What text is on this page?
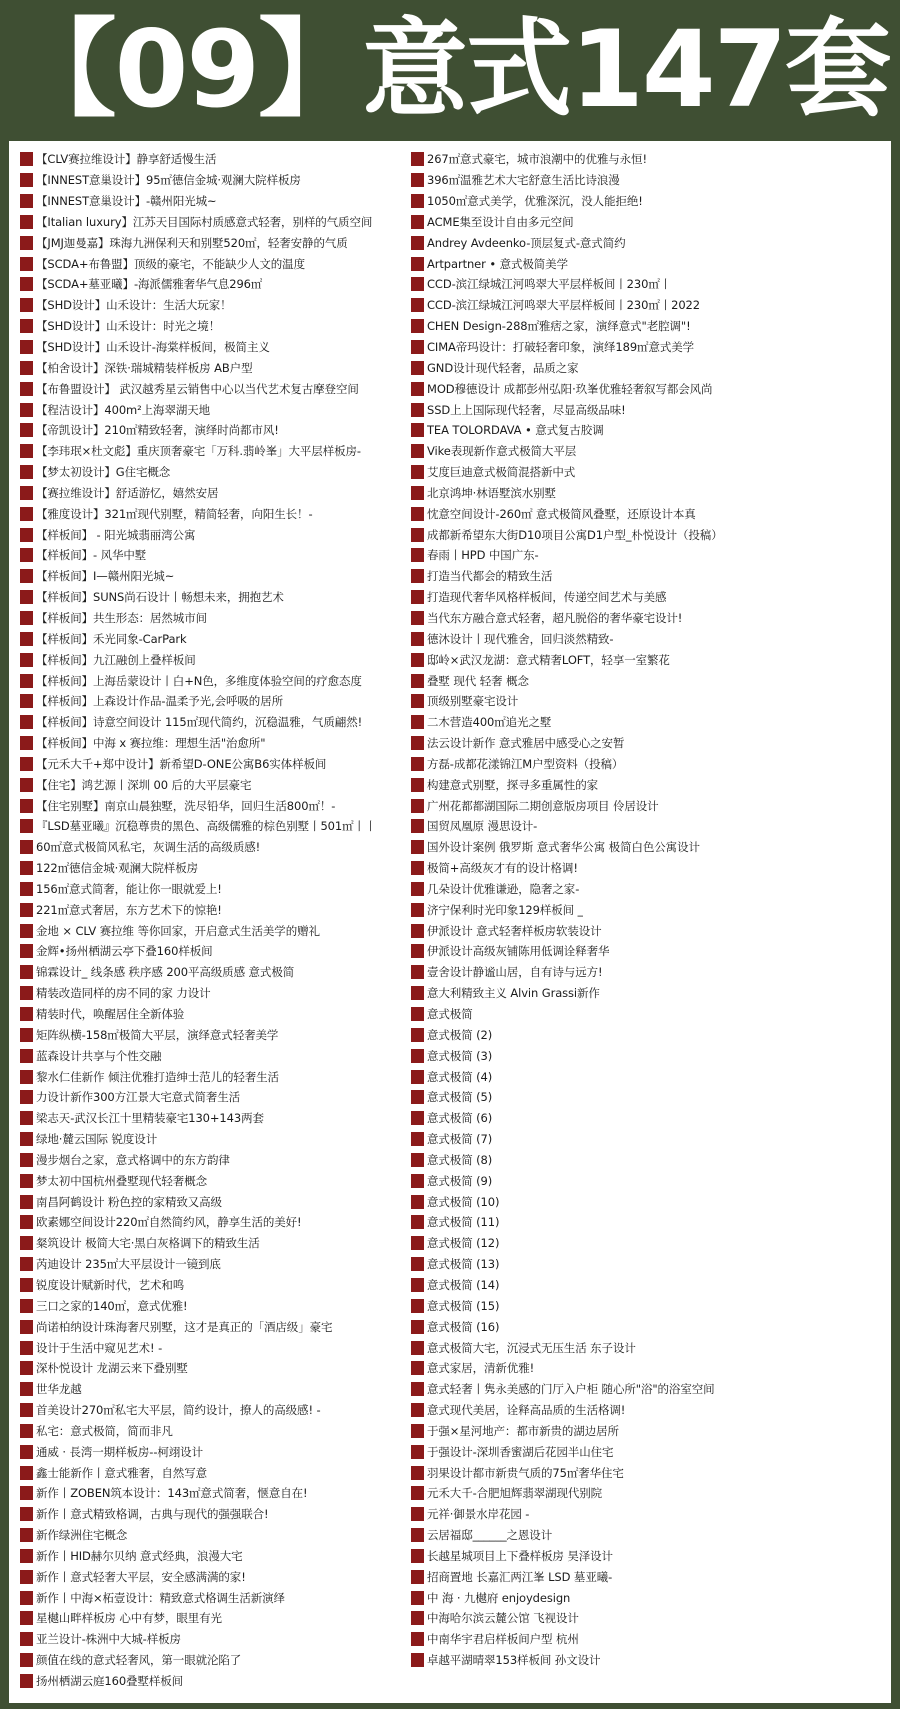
【09】意式147套
【CLV赛拉维设计】静享舒适慢生活
【INNEST意巢设计】95㎡德信金城·观澜大院样板房
【INNEST意巢设计】-赣州阳光城~
【Italian luxury】江苏天目国际村质感意式轻奢，别样的气质空间
【JMJ迦曼嘉】珠海九洲保利天和别墅520㎡，轻奢安静的气质
【SCDA+布鲁盟】顶级的豪宅，不能缺少人文的温度
【SCDA+墓亚曦】-海派儒雅奢华气息296㎡
【SHD设计】山禾设计：生活大玩家！
【SHD设计】山禾设计：时光之境！
【SHD设计】山禾设计-海棠样板间，极简主义
【柏舍设计】深铁·瑞城精装样板房 AB户型
【布鲁盟设计】 武汉越秀星云销售中心以当代艺术复古摩登空间
【程洁设计】400m²上海翠湖天地
【帝凯设计】210㎡精致轻奢，演绎时尚都市风!
【李玮珉×杜文彪】重庆顶奢豪宅「万科.翡岭峯」大平层样板房-
【梦太初设计】G住宅概念
【赛拉维设计】舒适游忆，嬉然安居
【雅度设计】321㎡现代别墅，精简轻奢，向阳生长！-
【样板间】 - 阳光城翡丽湾公寓
【样板间】- 风华中墅
【样板间】I—赣州阳光城~
【样板间】SUNS尚石设计丨畅想未来，拥抱艺术
【样板间】共生形态：居然城市间
【样板间】禾光同象-CarPark
【样板间】九江融创上叠样板间
【样板间】上海岳蒙设计丨白+N色，多维度体验空间的疗愈态度
【样板间】上森设计作品-温柔予光,会呼吸的居所
【样板间】诗意空间设计 115㎡现代简约，沉稳温雅，气质翩然!
【样板间】中海 x 赛拉维：理想生活"治愈所"
【元禾大千+郑中设计】新希望D-ONE公寓B6实体样板间
【住宅】鸿艺源丨深圳 00 后的大平层豪宅
【住宅别墅】南京山晨独墅，洗尽铅华，回归生活800㎡！-
『LSD墓亚曦』沉稳尊贵的黑色、高级儒雅的棕色别墅丨501㎡丨丨
60㎡意式极简风私宅，灰调生活的高级质感!
122㎡德信金城·观澜大院样板房
156㎡意式简奢，能让你一眼就爱上!
221㎡意式奢居，东方艺术下的惊艳!
金地 × CLV 赛拉维 等你回家，开启意式生活美学的赠礼
金辉•扬州栖湖云亭下叠160样板间
锦霖设计_ 线条感 秩序感 200平高级质感 意式极简
精装改造同样的房不同的家 力设计
精装时代，唤醒居住全新体验
矩阵纵横-158㎡极简大平层，演绎意式轻奢美学
蓝森设计共享与个性交融
黎水仁佳新作 倾注优雅打造绅士范儿的轻奢生活
力设计新作300方江景大宅意式简奢生活
梁志天-武汉长江十里精装豪宅130+143两套
绿地·麓云国际 锐度设计
漫步烟台之家，意式格调中的东方韵律
梦太初中国杭州叠墅现代轻奢概念
南昌阿鹤设计 粉色控的家精致又高级
欧素娜空间设计220㎡自然简约风，静享生活的美好!
粲筑设计 极简大宅·黑白灰格调下的精致生活
芮迪设计 235㎡大平层设计一镜到底
锐度设计赋新时代，艺术和鸣
三口之家的140㎡，意式优雅!
尚诺柏纳设计珠海奢尺别墅，这才是真正的「酒店级」豪宅
设计于生活中窥见艺术! -
深朴悦设计 龙湖云来下叠别墅
世华龙越
首美设计270㎡私宅大平层，简约设计，撩人的高级感! -
私宅：意式极简，简而非凡
通威 · 長湾一期样板房--柯翊设计
鑫士能新作丨意式雅奢，自然写意
新作丨ZOBEN筑本设计：143㎡意式简奢，惬意自在!
新作丨意式精致格调，古典与现代的强强联合!
新作绿洲住宅概念
新作丨HID赫尔贝纳 意式经典，浪漫大宅
新作丨意式轻奢大平层，安全感满满的家!
新作丨中海×柘壹设计：精致意式格调生活新演绎
星樾山畔样板房 心中有梦，眼里有光
亚兰设计-株洲中大城-样板房
颜值在线的意式轻奢风，第一眼就沦陷了
扬州栖湖云庭160叠墅样板间
267㎡意式豪宅，城市浪潮中的优雅与永恒!
396㎡温雅艺术大宅舒意生活比诗浪漫
1050㎡意式美学，优雅深沉，没人能拒绝!
ACME集至设计自由多元空间
Andrey Avdeenko-顶层复式-意式简约
Artpartner • 意式极简美学
CCD-滨江绿城江河鸣翠大平层样板间丨230㎡丨
CCD-滨江绿城江河鸣翠大平层样板间丨230㎡丨2022
CHEN Design-288㎡雅痞之家，演绎意式"老腔调"!
CIMA帝玛设计：打破轻奢印象，演绎189㎡意式美学
GND设计现代轻奢，品质之家
MOD穆德设计 成都彭州弘阳·玖峯优雅轻奢叙写都会风尚
SSD上上国际现代轻奢，尽显高级品味!
TEA TOLORDAVA • 意式复古胶调
Vike表现新作意式极简大平层
艾度巨迪意式极简混搭新中式
北京鸿坤·林语墅滨水别墅
忱意空间设计-260㎡ 意式极简风叠墅，还原设计本真
成都新希望东大街D10项目公寓D1户型_朴悦设计（投稿）
春雨丨HPD 中国广东-
打造当代都会的精致生活
打造现代奢华风格样板间，传递空间艺术与美感
当代东方融合意式轻奢，超凡脱俗的奢华豪宅设计!
德沐设计丨现代雅舍，回归淡然精致-
邸岭×武汉龙湖：意式精奢LOFT，轻享一室繁花
叠墅 现代 轻奢 概念
顶级别墅豪宅设计
二木营造400㎡追光之墅
法云设计新作 意式雅居中感受心之安暂
方磊-成都花漾锦江M户型资料（投稿）
构建意式别墅，探寻多重属性的家
广州花都都湖国际二期创意版房项目 伶居设计
国贸凤凰原 漫思设计-
国外设计案例 俄罗斯 意式奢华公寓 极简白色公寓设计
极简+高级灰才有的设计格调!
几朵设计优雅谦逊，隐奢之家-
济宁保利时光印象129样板间 _
伊派设计 意式轻奢样板房软装设计
伊派设计高级灰铺陈用低调诠释奢华
壹舍设计静谧山居，自有诗与远方!
意大利精致主义 Alvin Grassi新作
意式极简
意式极简 (2)
意式极简 (3)
意式极简 (4)
意式极简 (5)
意式极简 (6)
意式极简 (7)
意式极简 (8)
意式极简 (9)
意式极简 (10)
意式极简 (11)
意式极简 (12)
意式极简 (13)
意式极简 (14)
意式极简 (15)
意式极简 (16)
意式极简大宅，沉浸式无压生活 东子设计
意式家居，清新优雅!
意式轻奢丨隽永美感的门厅入户柜 随心所"浴"的浴室空间
意式现代美居，诠释高品质的生活格调!
于强×星河地产：都市新贵的湖边居所
于强设计-深圳香蜜湖后花园半山住宅
羽果设计都市新贵气质的75㎡奢华住宅
元禾大千-合肥旭辉翡翠湖现代别院
元祥·御景水岸花园 -
云居福邸______之恩设计
长越星城项目上下叠样板房 昊泽设计
招商置地 长嘉汇两江峯 LSD 墓亚曦-
中 海 · 九樾府 enjoydesign
中海哈尔滨云麓公馆 飞视设计
中南华宇君启样板间户型 杭州
卓越平湖晴翠153样板间 孙文设计
